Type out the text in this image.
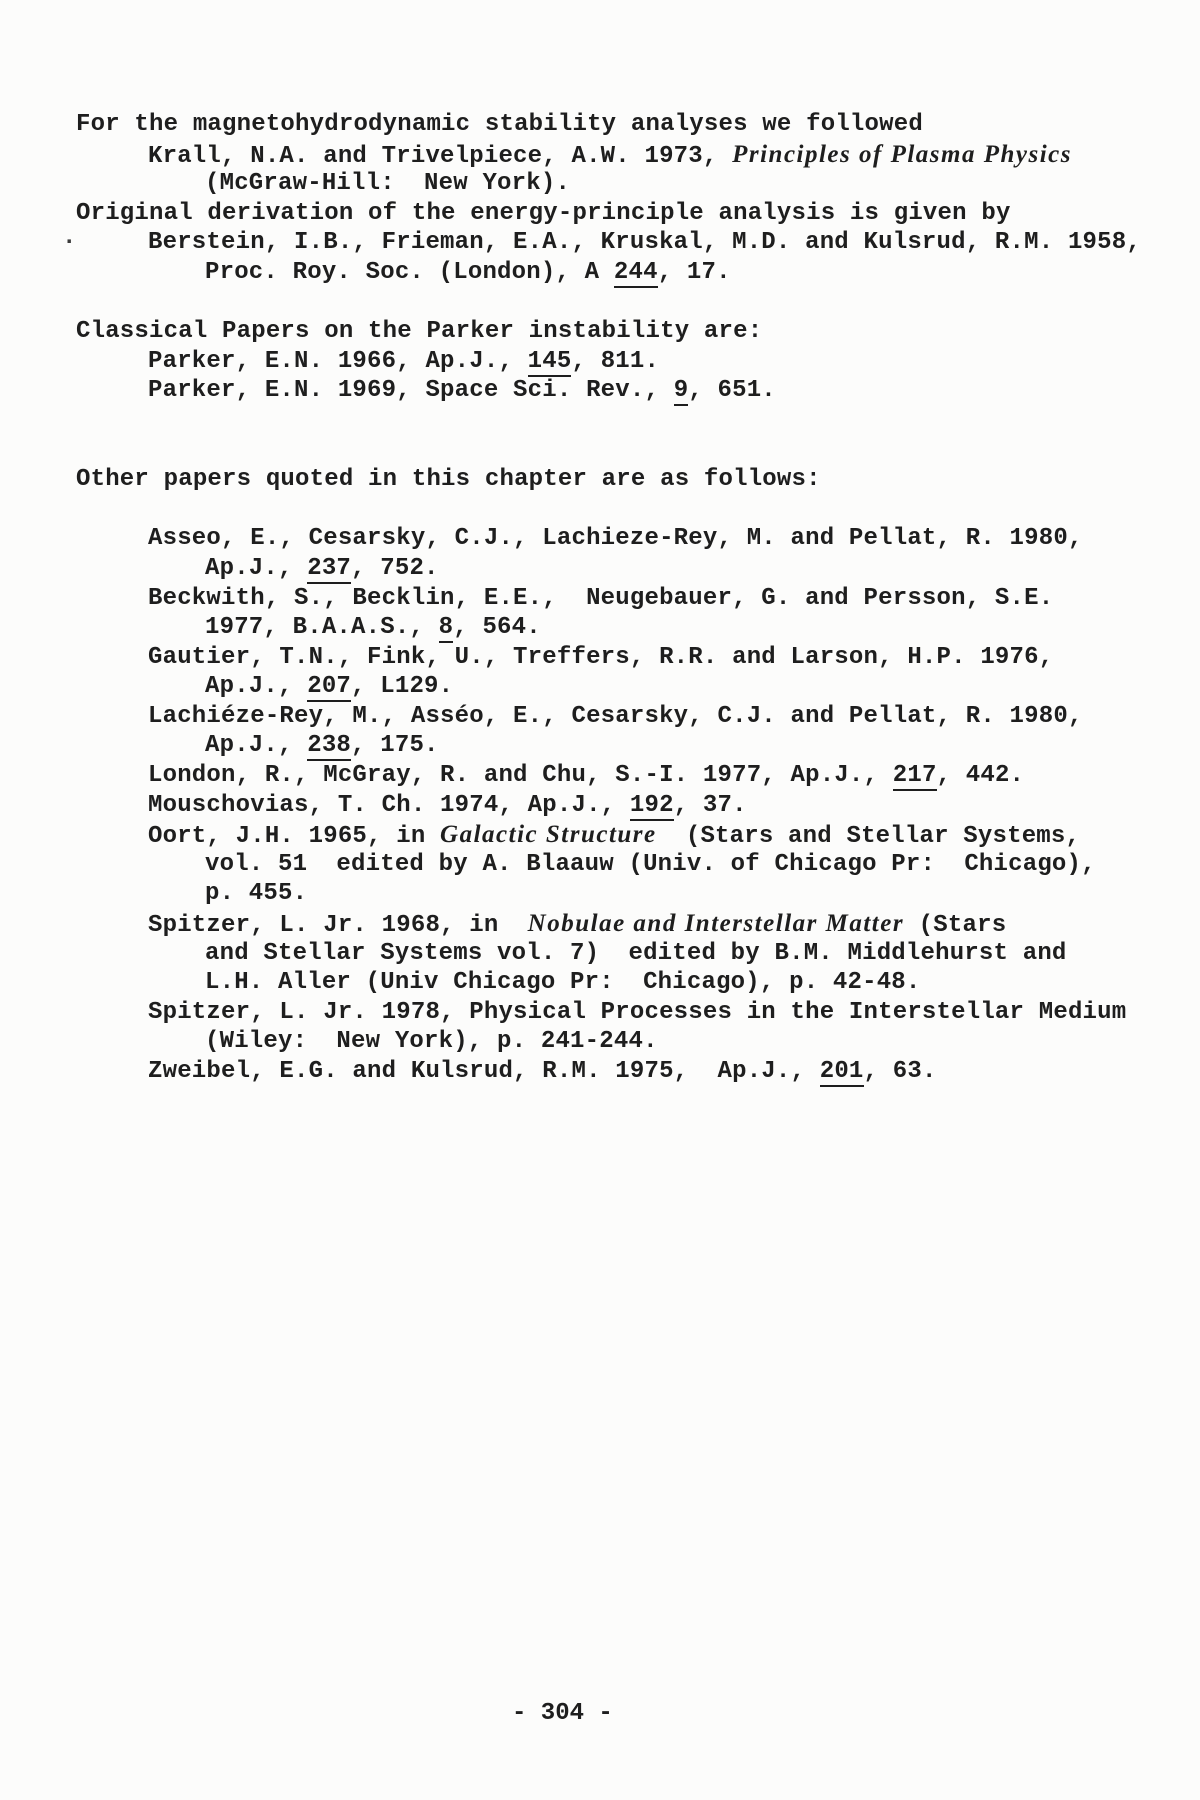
.
For the magnetohydrodynamic stability analyses we followed
Krall, N.A. and Trivelpiece, A.W. 1973, Principles of Plasma Physics
(McGraw-Hill:  New York).
Original derivation of the energy-principle analysis is given by
Berstein, I.B., Frieman, E.A., Kruskal, M.D. and Kulsrud, R.M. 1958,
Proc. Roy. Soc. (London), A 244, 17.
Classical Papers on the Parker instability are:
Parker, E.N. 1966, Ap.J., 145, 811.
Parker, E.N. 1969, Space Sci. Rev., 9, 651.
Other papers quoted in this chapter are as follows:
Asseo, E., Cesarsky, C.J., Lachieze-Rey, M. and Pellat, R. 1980,
Ap.J., 237, 752.
Beckwith, S., Becklin, E.E.,  Neugebauer, G. and Persson, S.E.
1977, B.A.A.S., 8, 564.
Gautier, T.N., Fink, U., Treffers, R.R. and Larson, H.P. 1976,
Ap.J., 207, L129.
Lachiéze-Rey, M., Asséo, E., Cesarsky, C.J. and Pellat, R. 1980,
Ap.J., 238, 175.
London, R., McGray, R. and Chu, S.-I. 1977, Ap.J., 217, 442.
Mouschovias, T. Ch. 1974, Ap.J., 192, 37.
Oort, J.H. 1965, in Galactic Structure  (Stars and Stellar Systems,
vol. 51  edited by A. Blaauw (Univ. of Chicago Pr:  Chicago),
p. 455.
Spitzer, L. Jr. 1968, in  Nobulae and Interstellar Matter (Stars
and Stellar Systems vol. 7)  edited by B.M. Middlehurst and
L.H. Aller (Univ Chicago Pr:  Chicago), p. 42-48.
Spitzer, L. Jr. 1978, Physical Processes in the Interstellar Medium
(Wiley:  New York), p. 241-244.
Zweibel, E.G. and Kulsrud, R.M. 1975,  Ap.J., 201, 63.
- 304 -
